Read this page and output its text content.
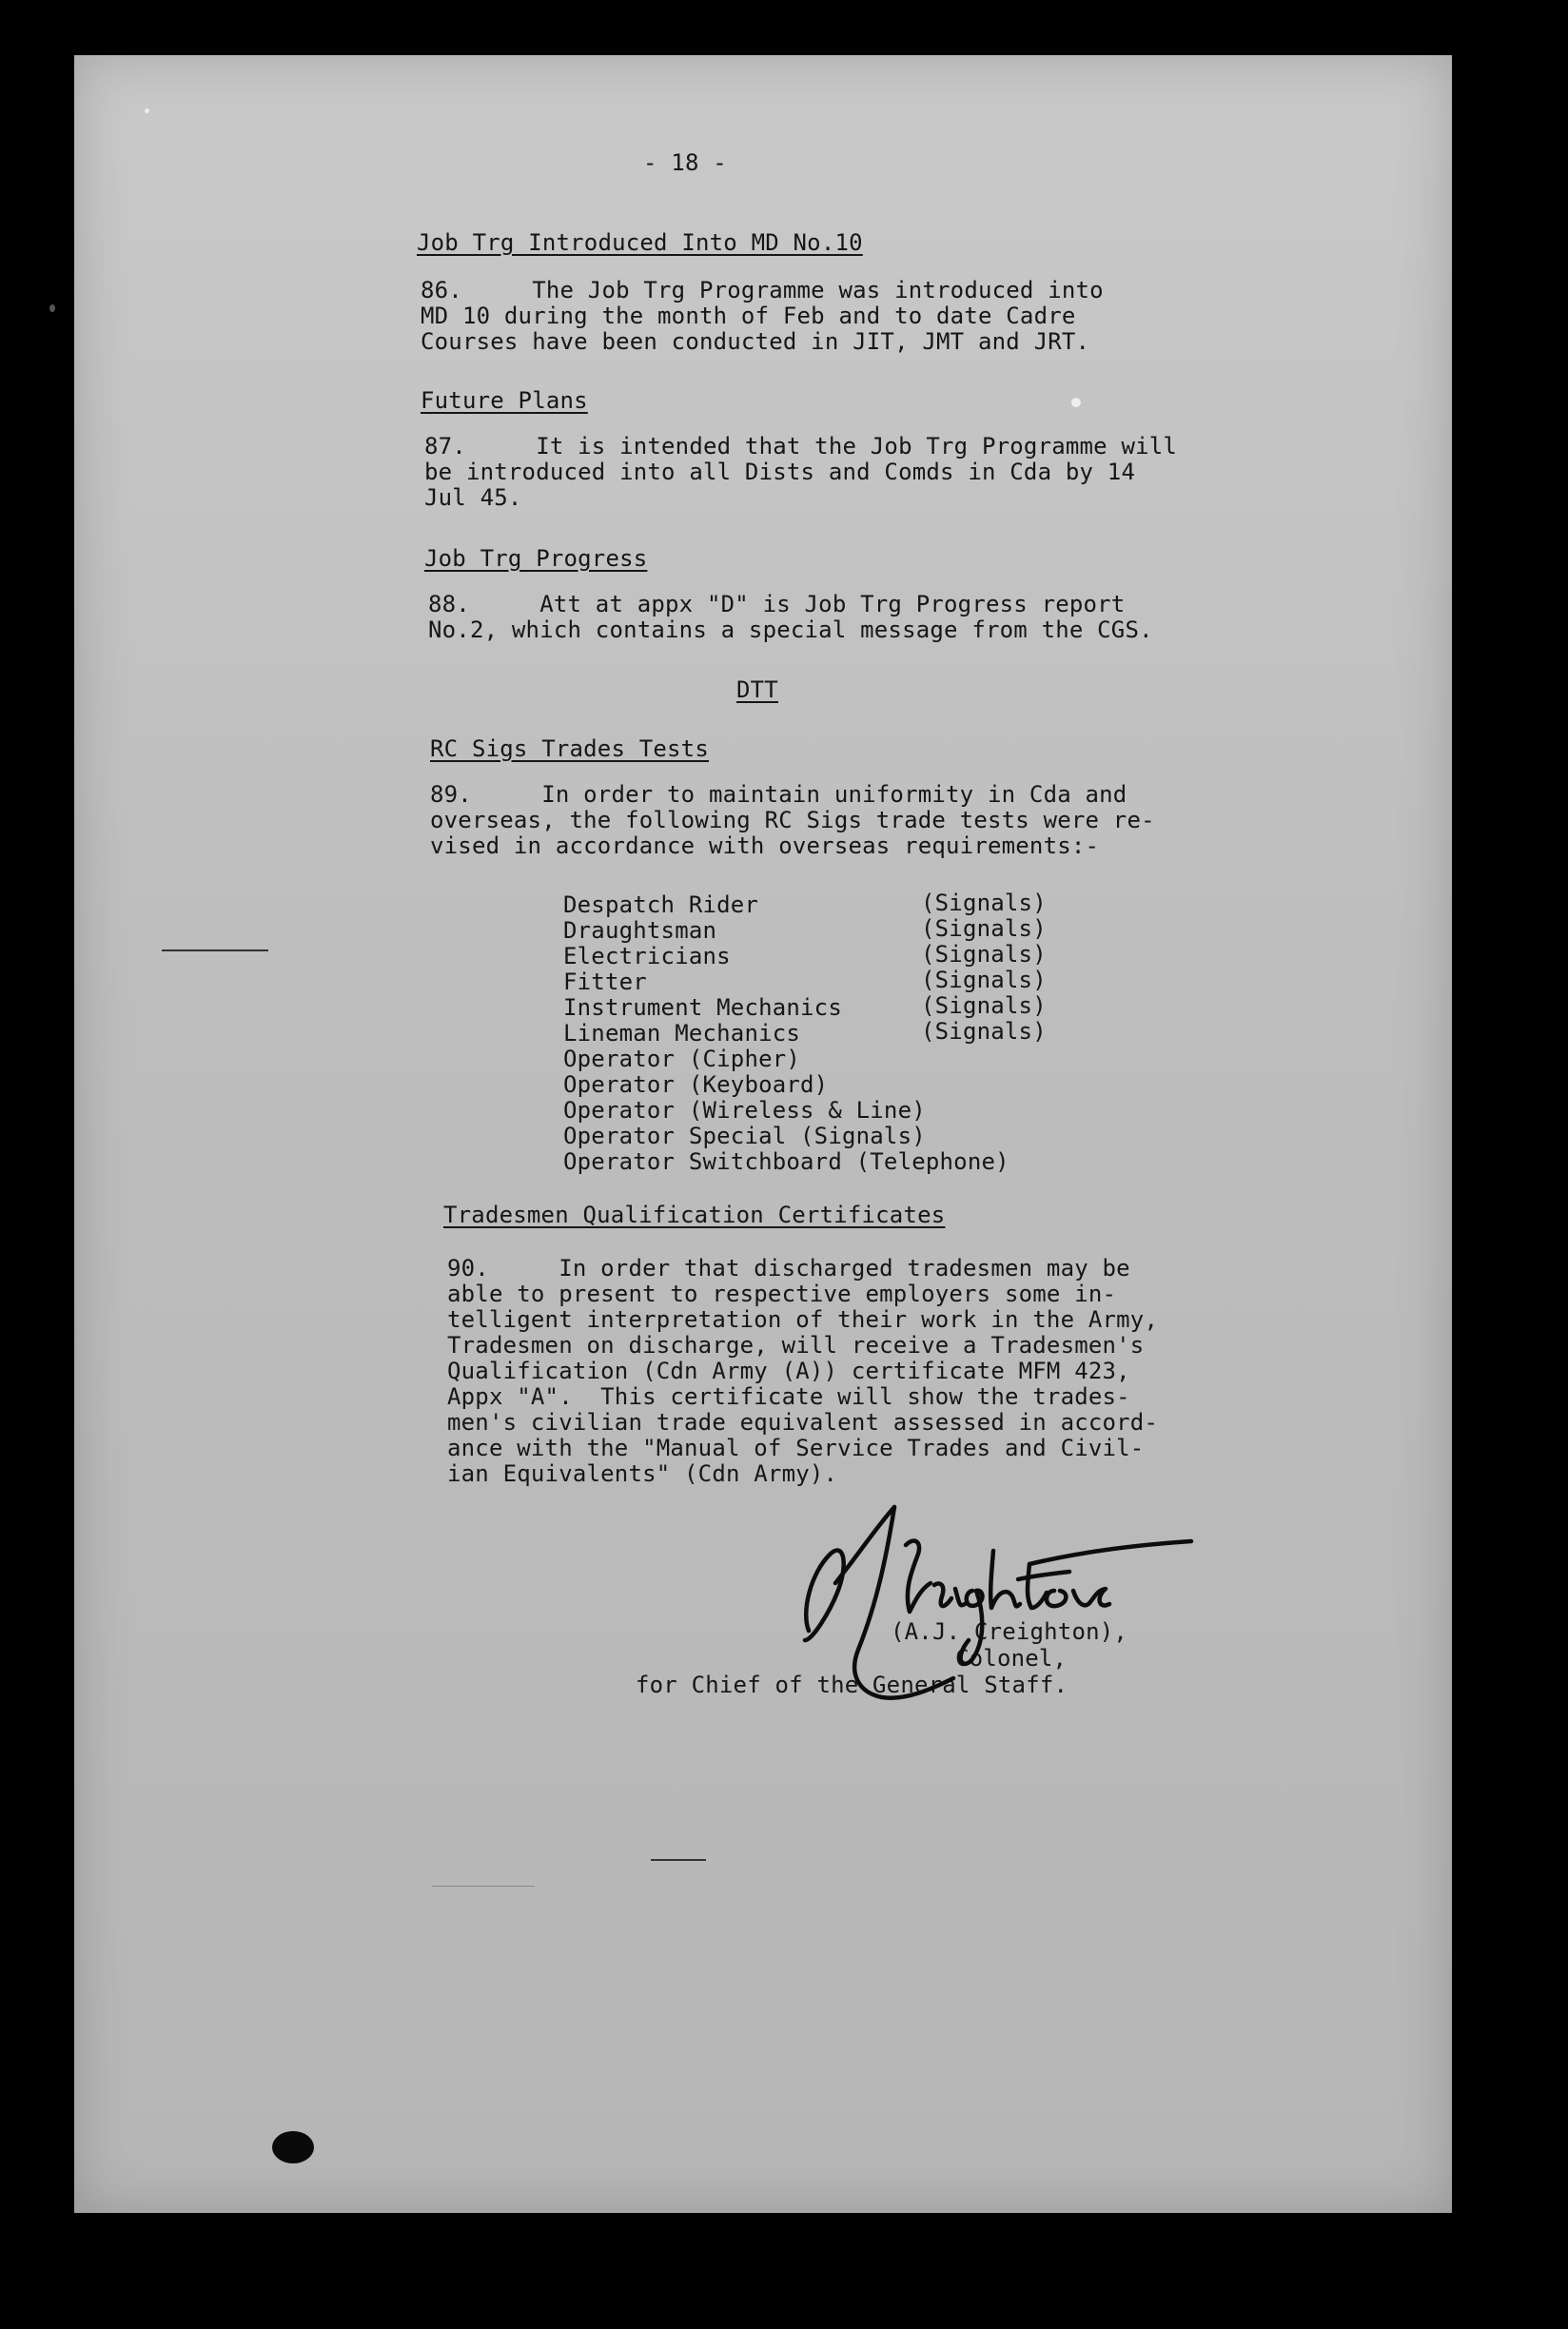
- 18 -
Job Trg Introduced Into MD No.10
86.     The Job Trg Programme was introduced into
MD 10 during the month of Feb and to date Cadre
Courses have been conducted in JIT, JMT and JRT.
Future Plans
87.     It is intended that the Job Trg Programme will
be introduced into all Dists and Comds in Cda by 14
Jul 45.
Job Trg Progress
88.     Att at appx "D" is Job Trg Progress report
No.2, which contains a special message from the CGS.
DTT
RC Sigs Trades Tests
89.     In order to maintain uniformity in Cda and
overseas, the following RC Sigs trade tests were re-
vised in accordance with overseas requirements:-
Despatch Rider	(Signals)
Draughtsman	(Signals)
Electricians	(Signals)
Fitter	(Signals)
Instrument Mechanics	(Signals)
Lineman Mechanics	(Signals)
Operator (Cipher)
Operator (Keyboard)
Operator (Wireless & Line)
Operator Special (Signals)
Operator Switchboard (Telephone)
Tradesmen Qualification Certificates
90.     In order that discharged tradesmen may be
able to present to respective employers some in-
telligent interpretation of their work in the Army,
Tradesmen on discharge, will receive a Tradesmen's
Qualification (Cdn Army (A)) certificate MFM 423,
Appx "A".  This certificate will show the trades-
men's civilian trade equivalent assessed in accord-
ance with the "Manual of Service Trades and Civil-
ian Equivalents" (Cdn Army).
(A.J. Creighton),
Colonel,
for Chief of the General Staff.
